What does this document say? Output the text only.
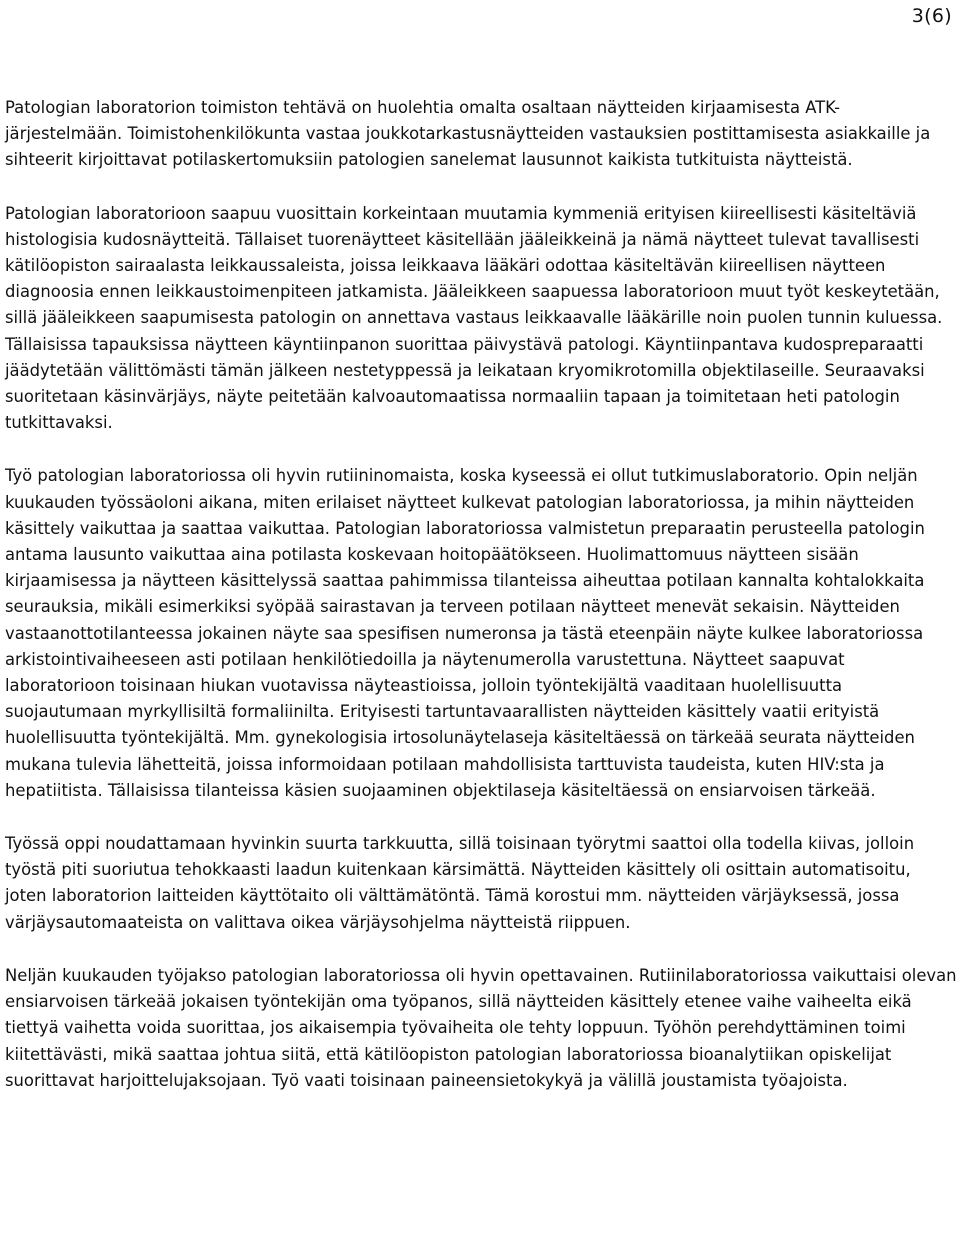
3(6)

Patologian laboratorion toimiston tehtävä on huolehtia omalta osaltaan näytteiden kirjaamisesta ATK-järjestelmään. Toimistohenkilökunta vastaa joukkotarkastusnäytteiden vastauksien postittamisesta asiakkaille ja sihteerit kirjoittavat potilaskertomuksiin patologien sanelemat lausunnot kaikista tutkituista näytteistä.

Patologian laboratorioon saapuu vuosittain korkeintaan muutamia kymmeniä erityisen kiireellisesti käsiteltäviä histologisia kudosnäytteitä. Tällaiset tuorenäytteet käsitellään jääleikkeinä ja nämä näytteet tulevat tavallisesti kätilöopiston sairaalasta leikkaussaleista, joissa leikkaava lääkäri odottaa käsiteltävän kiireellisen näytteen diagnoosia ennen leikkaustoimenpiteen jatkamista. Jääleikkeen saapuessa laboratorioon muut työt keskeytetään, sillä jääleikkeen saapumisesta patologin on annettava vastaus leikkaavalle lääkärille noin puolen tunnin kuluessa. Tällaisissa tapauksissa näytteen käyntiinpanon suorittaa päivystävä patologi. Käyntiinpantava kudospreparaatti jäädytetään välittömästi tämän jälkeen nestetyppessä ja leikataan kryomikrotomilla objektilaseille. Seuraavaksi suoritetaan käsinvärjäys, näyte peitetään kalvoautomaatissa normaaliin tapaan ja toimitetaan heti patologin tutkittavaksi.

Työ patologian laboratoriossa oli hyvin rutiininomaista, koska kyseessä ei ollut tutkimuslaboratorio. Opin neljän kuukauden työssäoloni aikana, miten erilaiset näytteet kulkevat patologian laboratoriossa, ja mihin näytteiden käsittely vaikuttaa ja saattaa vaikuttaa. Patologian laboratoriossa valmistetun preparaatin perusteella patologin antama lausunto vaikuttaa aina potilasta koskevaan hoitopäätökseen. Huolimattomuus näytteen sisään kirjaamisessa ja näytteen käsittelyssä saattaa pahimmissa tilanteissa aiheuttaa potilaan kannalta kohtalokkaita seurauksia, mikäli esimerkiksi syöpää sairastavan ja terveen potilaan näytteet menevät sekaisin. Näytteiden vastaanottotilanteessa jokainen näyte saa spesifisen numeronsa ja tästä eteenpäin näyte kulkee laboratoriossa arkistointivaiheeseen asti potilaan henkilötiedoilla ja näytenumerolla varustettuna. Näytteet saapuvat laboratorioon toisinaan hiukan vuotavissa näyteastioissa, jolloin työntekijältä vaaditaan huolellisuutta suojautumaan myrkyllisiltä formaliinilta. Erityisesti tartuntavaarallisten näytteiden käsittely vaatii erityistä huolellisuutta työntekijältä. Mm. gynekologisia irtosolunäytelaseja käsiteltäessä on tärkeää seurata näytteiden mukana tulevia lähetteitä, joissa informoidaan potilaan mahdollisista tarttuvista taudeista, kuten HIV:sta ja hepatiitista. Tällaisissa tilanteissa käsien suojaaminen objektilaseja käsiteltäessä on ensiarvoisen tärkeää.

Työssä oppi noudattamaan hyvinkin suurta tarkkuutta, sillä toisinaan työrytmi saattoi olla todella kiivas, jolloin työstä piti suoriutua tehokkaasti laadun kuitenkaan kärsimättä. Näytteiden käsittely oli osittain automatisoitu, joten laboratorion laitteiden käyttötaito oli välttämätöntä. Tämä korostui mm. näytteiden värjäyksessä, jossa värjäysautomaateista on valittava oikea värjäysohjelma näytteistä riippuen.

Neljän kuukauden työjakso patologian laboratoriossa oli hyvin opettavainen. Rutiinilaboratoriossa vaikuttaisi olevan ensiarvoisen tärkeää jokaisen työntekijän oma työpanos, sillä näytteiden käsittely etenee vaihe vaiheelta eikä tiettyä vaihetta voida suorittaa, jos aikaisempia työvaiheita ole tehty loppuun. Työhön perehdyttäminen toimi kiitettävästi, mikä saattaa johtua siitä, että kätilöopiston patologian laboratoriossa bioanalytiikan opiskelijat suorittavat harjoittelujaksojaan. Työ vaati toisinaan paineensietokykyä ja välillä joustamista työajoista.
